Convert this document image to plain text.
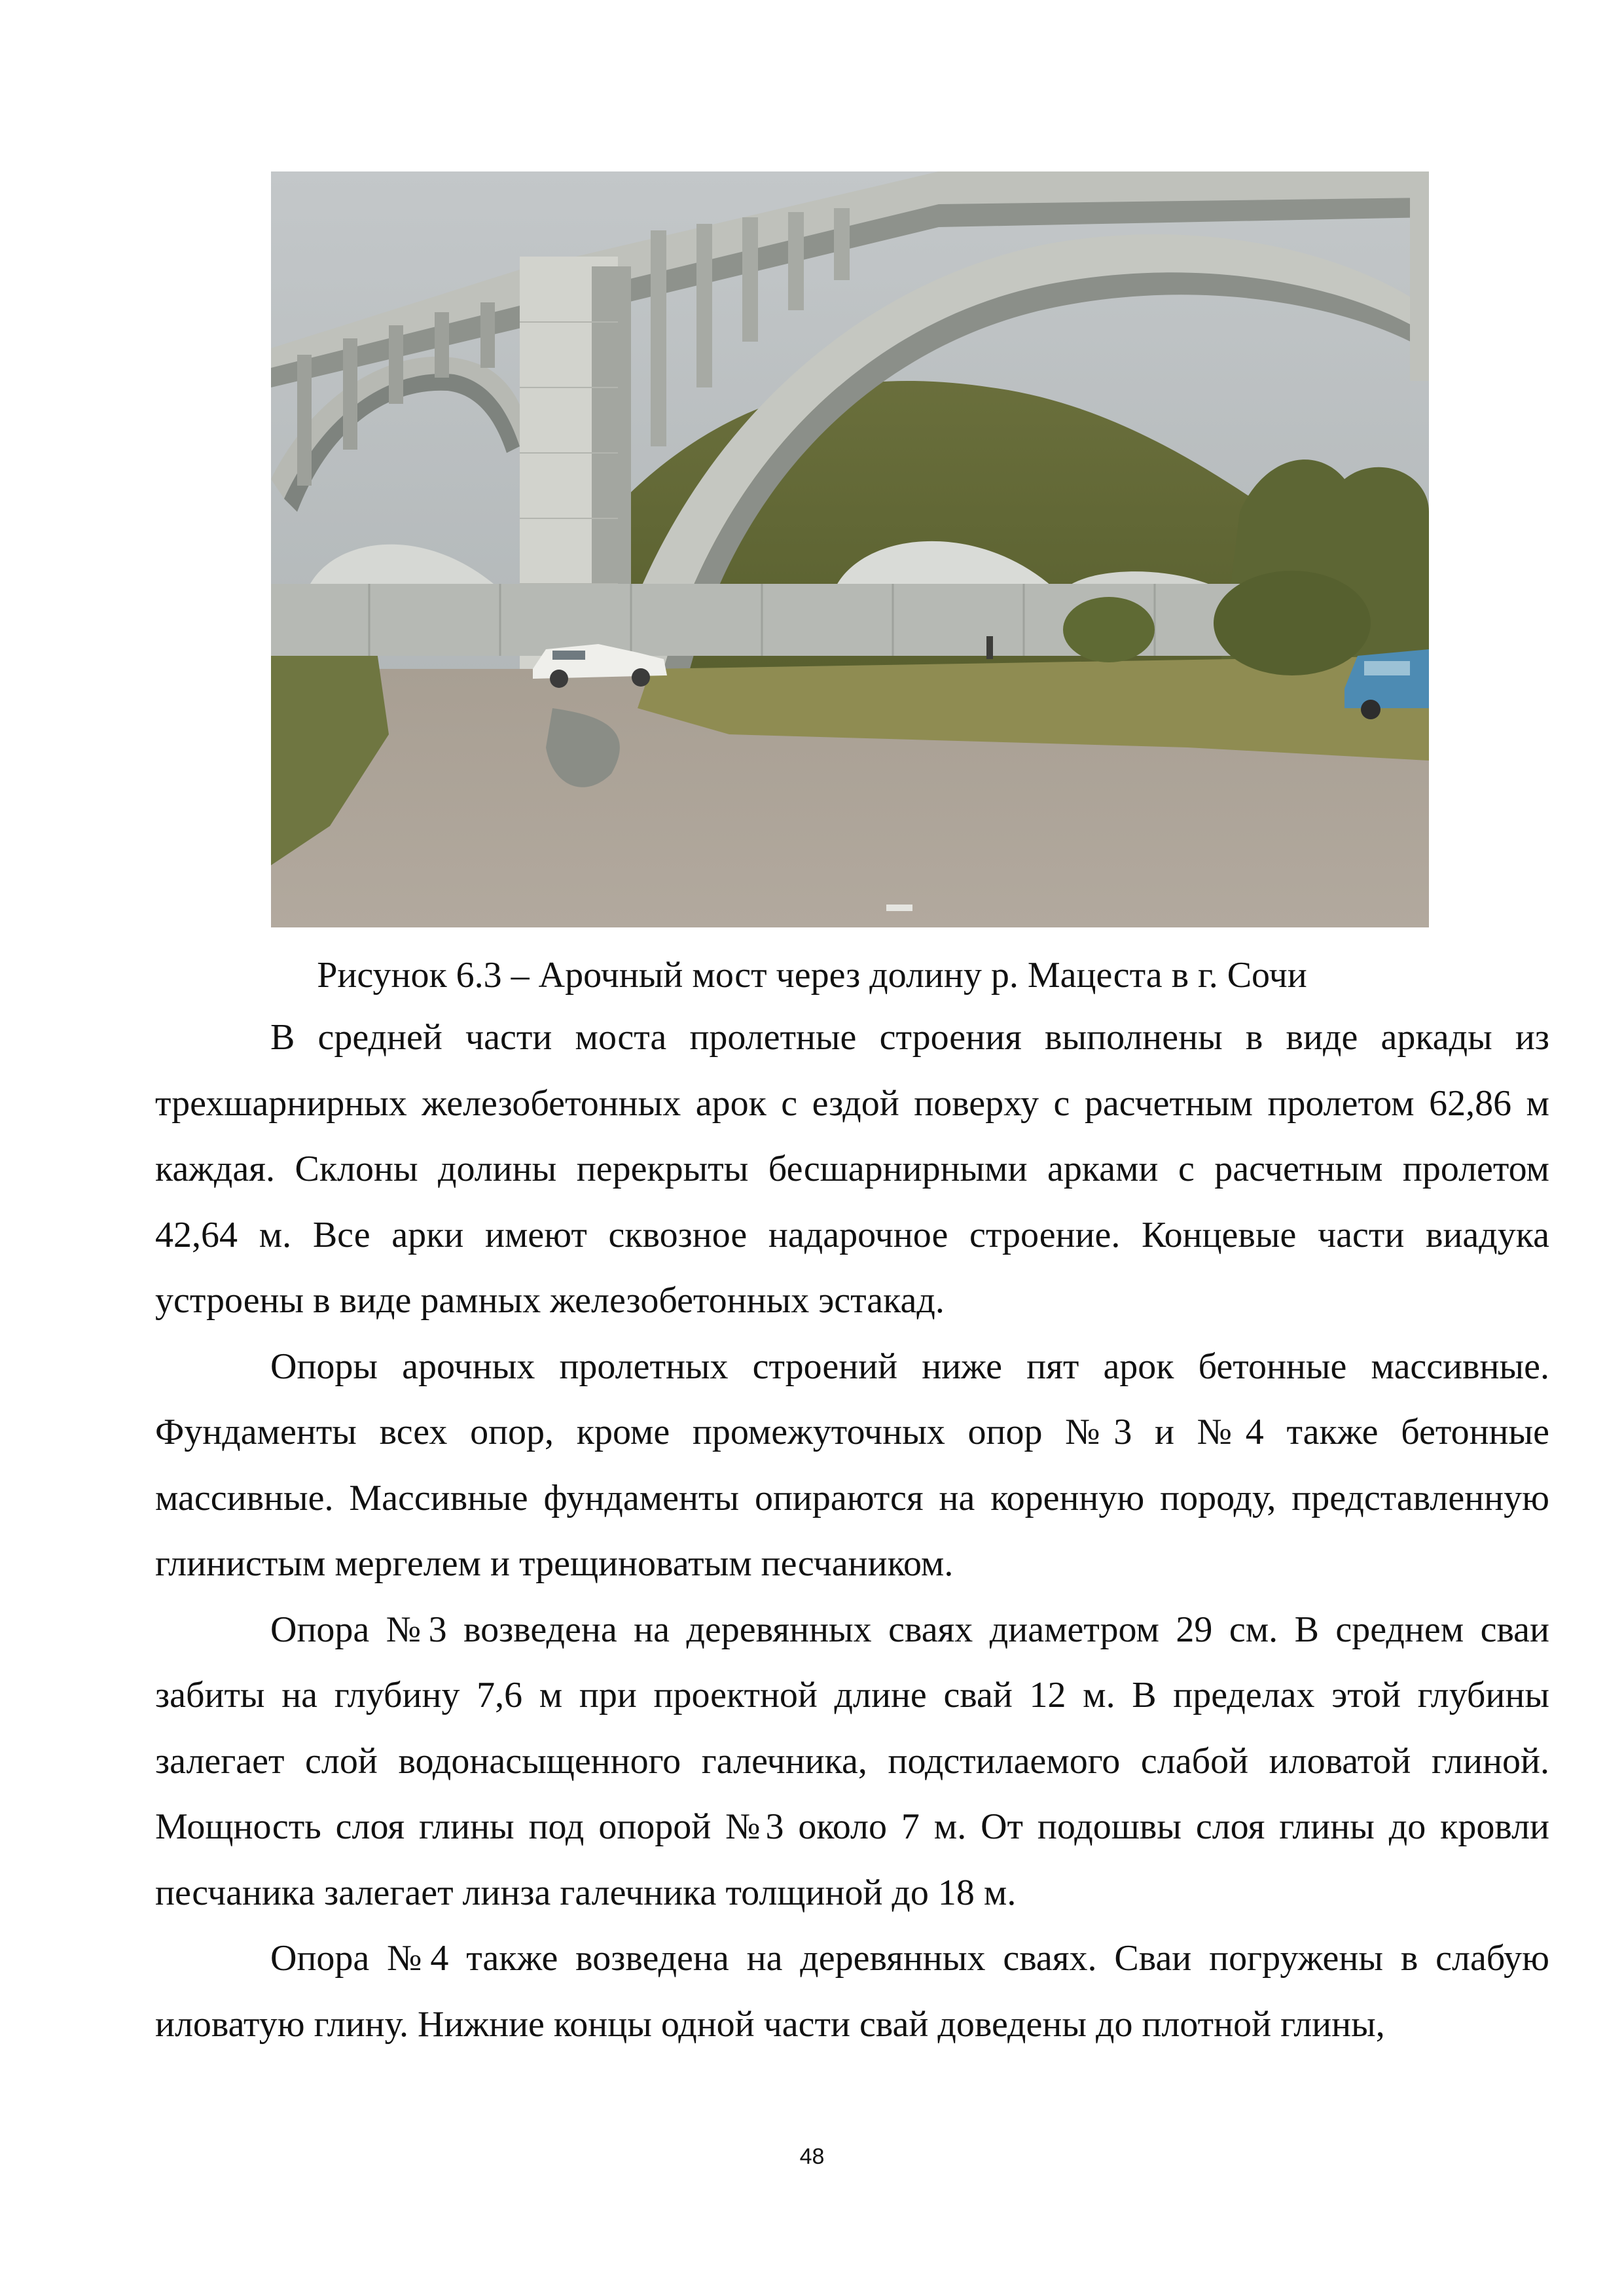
Рисунок 6.3 – Арочный мост через долину р. Мацеста в г. Сочи

В средней части моста пролетные строения выполнены в виде аркады из трехшарнирных железобетонных арок с ездой поверху с расчетным пролетом 62,86 м каждая. Склоны долины перекрыты бесшарнирными арками с расчетным пролетом 42,64 м. Все арки имеют сквозное надарочное строение. Концевые части виадука устроены в виде рамных железобетонных эстакад.

Опоры арочных пролетных строений ниже пят арок бетонные массивные. Фундаменты всех опор, кроме промежуточных опор №3 и №4 также бетонные массивные. Массивные фундаменты опираются на коренную породу, представленную глинистым мергелем и трещиноватым песчаником.

Опора №3 возведена на деревянных сваях диаметром 29 см. В среднем сваи забиты на глубину 7,6 м при проектной длине свай 12 м. В пределах этой глубины залегает слой водонасыщенного галечника, подстилаемого слабой иловатой глиной. Мощность слоя глины под опорой №3 около 7 м. От подошвы слоя глины до кровли песчаника залегает линза галечника толщиной до 18 м.

Опора №4 также возведена на деревянных сваях. Сваи погружены в слабую иловатую глину. Нижние концы одной части свай доведены до плотной глины,

48
